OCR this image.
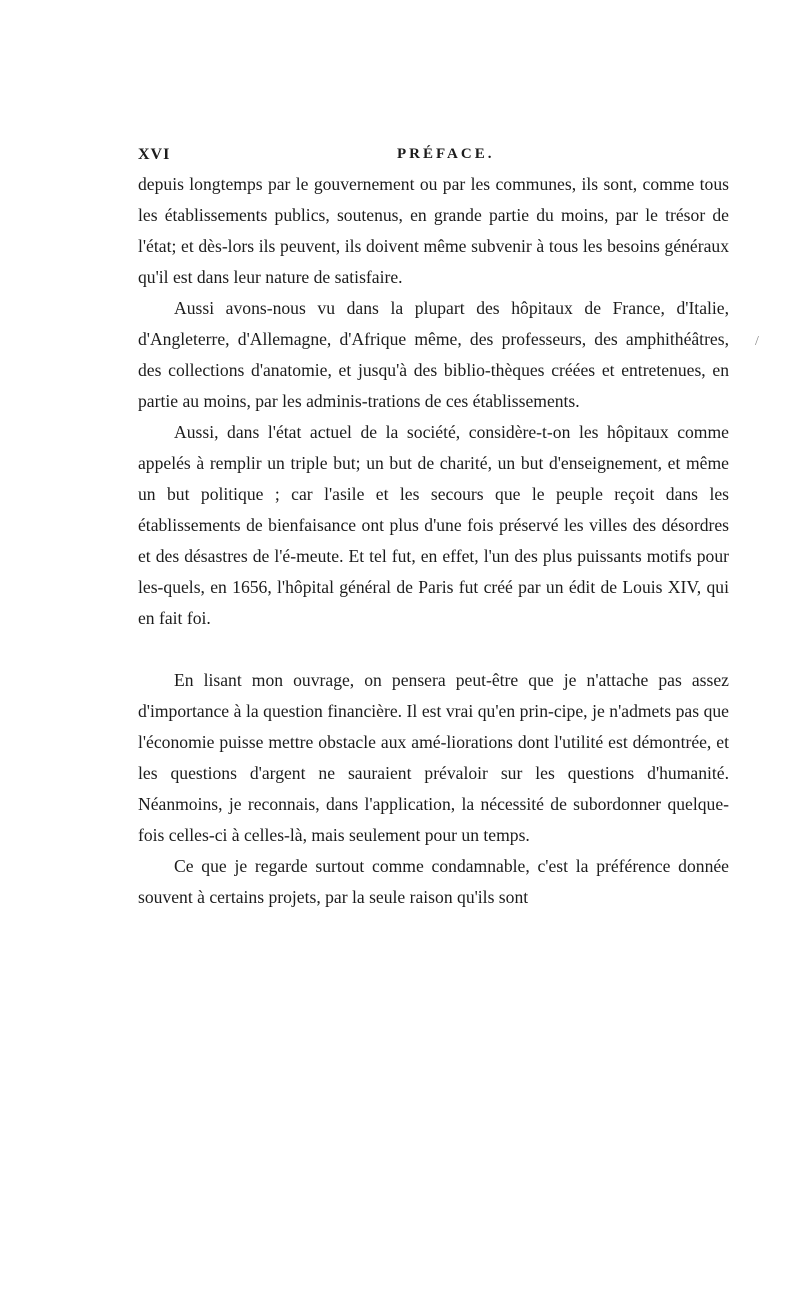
XVI	PRÉFACE.

depuis longtemps par le gouvernement ou par les communes, ils sont, comme tous les établissements publics, soutenus, en grande partie du moins, par le trésor de l'état; et dès-lors ils peuvent, ils doivent même subvenir à tous les besoins généraux qu'il est dans leur nature de satisfaire.

Aussi avons-nous vu dans la plupart des hôpitaux de France, d'Italie, d'Angleterre, d'Allemagne, d'Afrique même, des professeurs, des amphithéâtres, des collections d'anatomie, et jusqu'à des biblio-thèques créées et entretenues, en partie au moins, par les adminis-trations de ces établissements.

Aussi, dans l'état actuel de la société, considère-t-on les hôpitaux comme appelés à remplir un triple but; un but de charité, un but d'enseignement, et même un but politique ; car l'asile et les secours que le peuple reçoit dans les établissements de bienfaisance ont plus d'une fois préservé les villes des désordres et des désastres de l'é-meute. Et tel fut, en effet, l'un des plus puissants motifs pour les-quels, en 1656, l'hôpital général de Paris fut créé par un édit de Louis XIV, qui en fait foi.

En lisant mon ouvrage, on pensera peut-être que je n'attache pas assez d'importance à la question financière. Il est vrai qu'en prin-cipe, je n'admets pas que l'économie puisse mettre obstacle aux amé-liorations dont l'utilité est démontrée, et les questions d'argent ne sauraient prévaloir sur les questions d'humanité. Néanmoins, je reconnais, dans l'application, la nécessité de subordonner quelque-fois celles-ci à celles-là, mais seulement pour un temps.

Ce que je regarde surtout comme condamnable, c'est la préférence donnée souvent à certains projets, par la seule raison qu'ils sont

/
